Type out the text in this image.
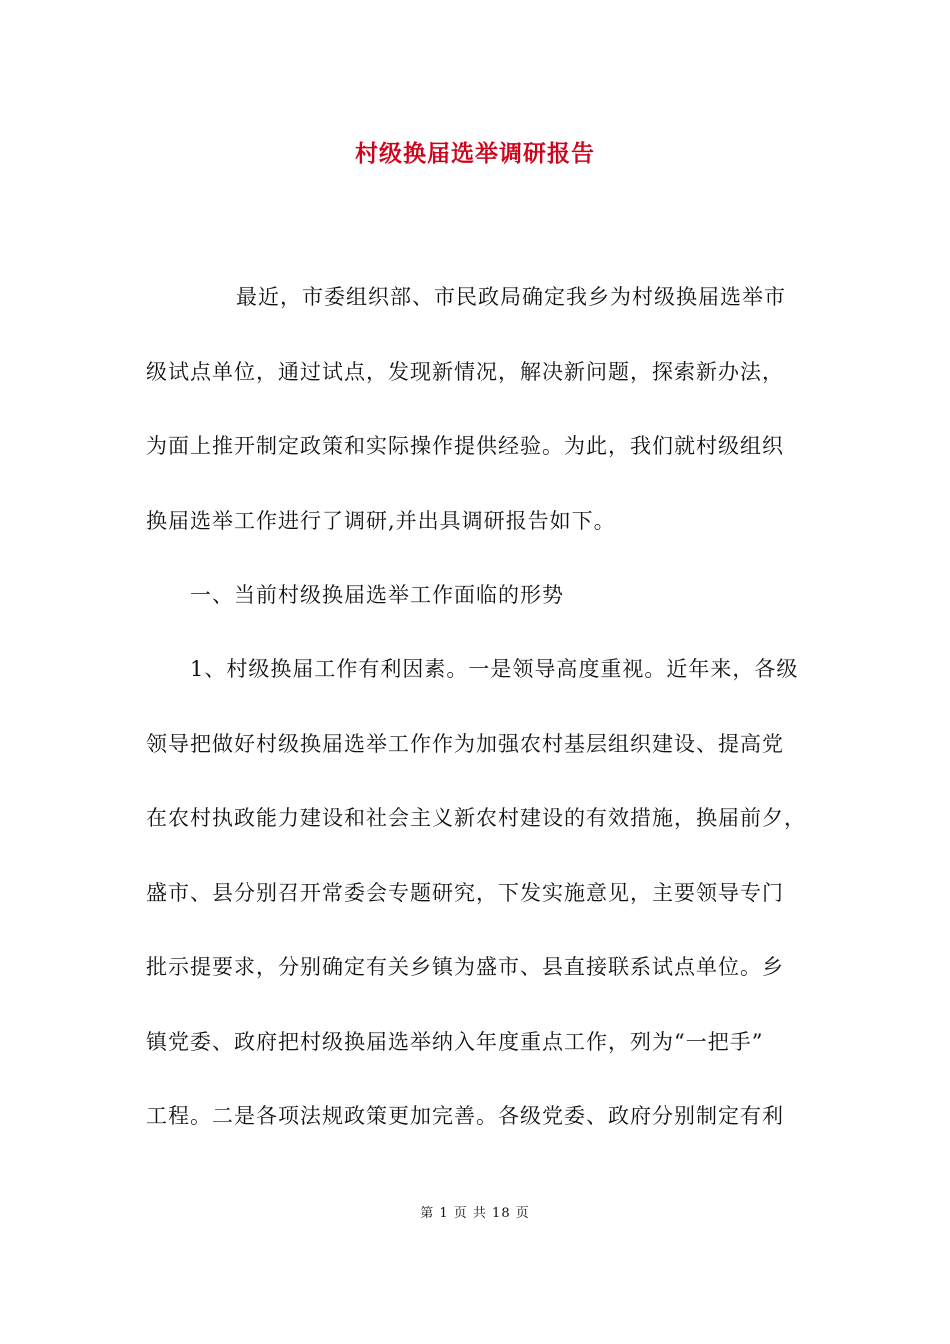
村级换届选举调研报告
最近，市委组织部、市民政局确定我乡为村级换届选举市
级试点单位，通过试点，发现新情况，解决新问题，探索新办法，
为面上推开制定政策和实际操作提供经验。为此，我们就村级组织
换届选举工作进行了调研,并出具调研报告如下。
一、当前村级换届选举工作面临的形势
1、村级换届工作有利因素。一是领导高度重视。近年来，各级
领导把做好村级换届选举工作作为加强农村基层组织建设、提高党
在农村执政能力建设和社会主义新农村建设的有效措施，换届前夕，
盛市、县分别召开常委会专题研究，下发实施意见，主要领导专门
批示提要求，分别确定有关乡镇为盛市、县直接联系试点单位。乡
镇党委、政府把村级换届选举纳入年度重点工作，列为“一把手”
工程。二是各项法规政策更加完善。各级党委、政府分别制定有利
第 1 页 共 18 页
